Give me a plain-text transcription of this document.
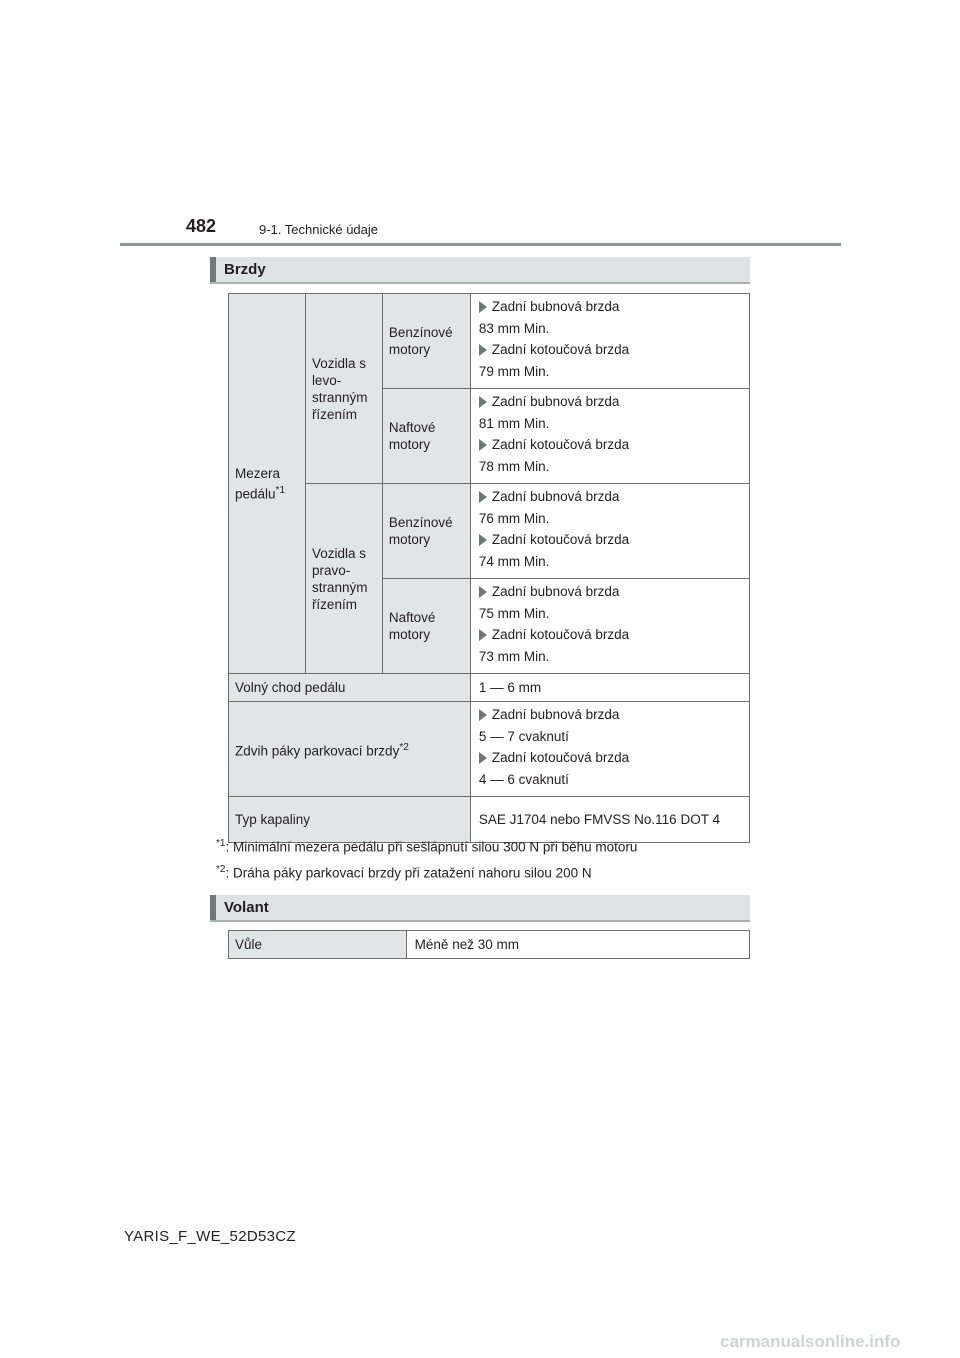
482	9-1. Technické údaje
Brzdy
Mezera pedálu$^{*1}$	Vozidla s levo-stranným řízením	Benzínové motory	Zadní bubnová brzda
83 mm Min.
Zadní kotoučová brzda
79 mm Min.

		Naftové motory	Zadní bubnová brzda
81 mm Min.
Zadní kotoučová brzda
78 mm Min.

	Vozidla s pravo-stranným řízením	Benzínové motory	Zadní bubnová brzda
76 mm Min.
Zadní kotoučová brzda
74 mm Min.

		Naftové motory	Zadní bubnová brzda
75 mm Min.
Zadní kotoučová brzda
73 mm Min.

Volný chod pedálu			1 — 6 mm
Zdvih páky parkovací brzdy$^{*2}$			Zadní bubnová brzda
5 — 7 cvaknutí
Zadní kotoučová brzda
4 — 6 cvaknutí

Typ kapaliny			SAE J1704 nebo FMVSS No.116 DOT 4
$^{*1}$: Minimální mezera pedálu při sešlápnutí silou 300 N při běhu motoru
$^{*2}$: Dráha páky parkovací brzdy při zatažení nahoru silou 200 N
Volant
Vůle	Méně než 30 mm
YARIS_F_WE_52D53CZ
carmanualsonline.info
